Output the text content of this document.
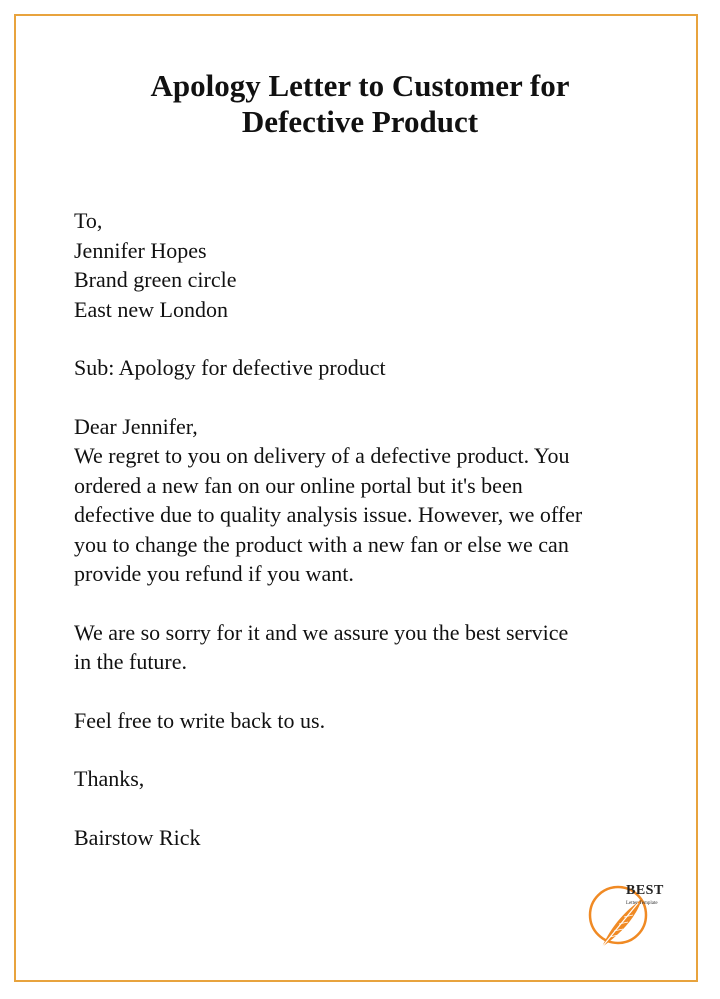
Apology Letter to Customer for
Defective Product

To,

Jennifer Hopes

Brand green circle

East new London

Sub: Apology for defective product

Dear Jennifer,

We regret to you on delivery of a defective product. You

ordered a new fan on our online portal but it's been

defective due to quality analysis issue. However, we offer

you to change the product with a new fan or else we can

provide you refund if you want.

We are so sorry for it and we assure you the best service

in the future.

Feel free to write back to us.

Thanks,

Bairstow Rick

BEST
Letter Template
